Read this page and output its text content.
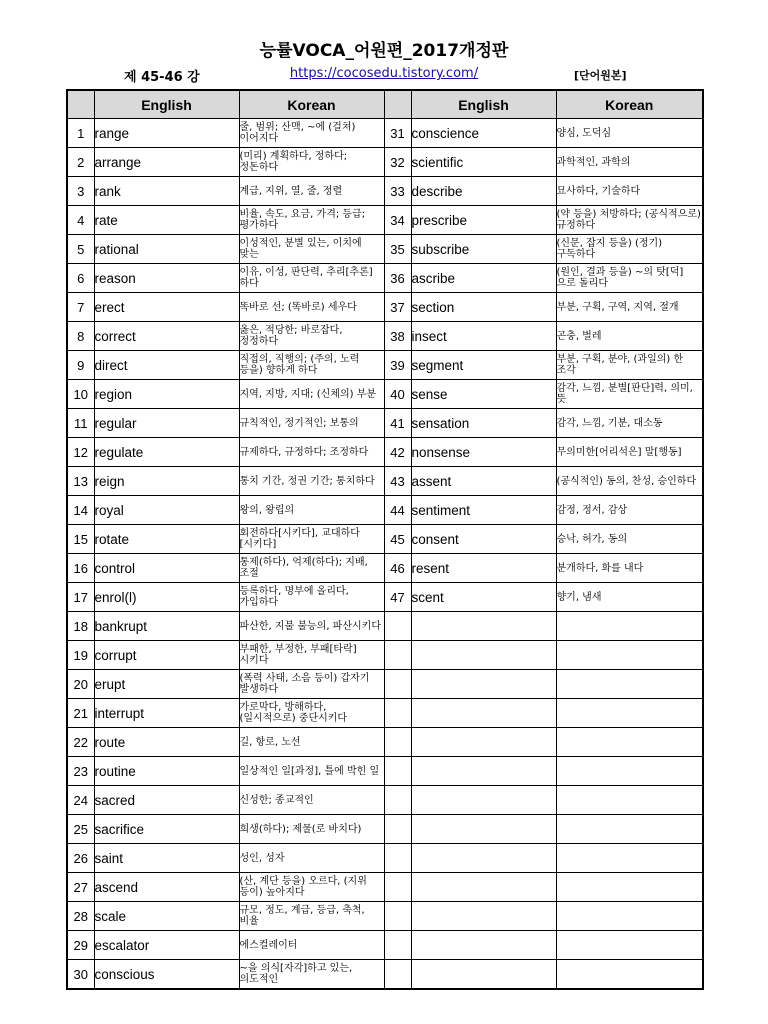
능률VOCA_어원편_2017개정판
제 45-46 강	https://cocosedu.tistory.com/	[단어원본]
	English	Korean		English	Korean
1	range	줄, 범위; 산맥, ~에 (걸쳐) 이어지다	31	conscience	양심, 도덕심
2	arrange	(미리) 계획하다, 정하다; 정돈하다	32	scientific	과학적인, 과학의
3	rank	계급, 지위, 열, 줄, 정렬	33	describe	묘사하다, 기술하다
4	rate	비율, 속도, 요금, 가격; 등급; 평가하다	34	prescribe	(약 등을) 처방하다; (공식적으로) 규정하다
5	rational	이성적인, 분별 있는, 이치에 맞는	35	subscribe	(신문, 잡지 등을) (정기) 구독하다
6	reason	이유, 이성, 판단력, 추리[추론]하다	36	ascribe	(원인, 결과 등을) ~의 탓[덕]으로 돌리다
7	erect	똑바로 선; (똑바로) 세우다	37	section	부분, 구획, 구역, 지역, 절개
8	correct	옳은, 적당한; 바로잡다, 정정하다	38	insect	곤충, 벌레
9	direct	직접의, 직행의; (주의, 노력 등을) 향하게 하다	39	segment	부분, 구획, 분야, (과일의) 한 조각
10	region	지역, 지방, 지대; (신체의) 부분	40	sense	감각, 느낌, 분별[판단]력, 의미, 뜻
11	regular	규칙적인, 정기적인; 보통의	41	sensation	감각, 느낌, 기분, 대소동
12	regulate	규제하다, 규정하다; 조정하다	42	nonsense	무의미한[어리석은] 말[행동]
13	reign	통치 기간, 정권 기간; 통치하다	43	assent	(공식적인) 동의, 찬성, 승인하다
14	royal	왕의, 왕립의	44	sentiment	감정, 정서, 감상
15	rotate	회전하다[시키다], 교대하다[시키다]	45	consent	승낙, 허가, 동의
16	control	통제(하다), 억제(하다); 지배, 조절	46	resent	분개하다, 화를 내다
17	enrol(l)	등록하다, 명부에 올리다, 가입하다	47	scent	향기, 냄새
18	bankrupt	파산한, 지불 불능의, 파산시키다			
19	corrupt	부패한, 부정한, 부패[타락]시키다			
20	erupt	(폭력 사태, 소음 등이) 갑자기 발생하다			
21	interrupt	가로막다, 방해하다, (일시적으로) 중단시키다			
22	route	길, 항로, 노선			
23	routine	일상적인 일[과정], 틀에 박힌 일			
24	sacred	신성한; 종교적인			
25	sacrifice	희생(하다); 제물(로 바치다)			
26	saint	성인, 성자			
27	ascend	(산, 계단 등을) 오르다, (지위 등이) 높아지다			
28	scale	규모, 정도, 계급, 등급, 축척, 비율			
29	escalator	에스컬레이터			
30	conscious	~을 의식[자각]하고 있는, 의도적인			
